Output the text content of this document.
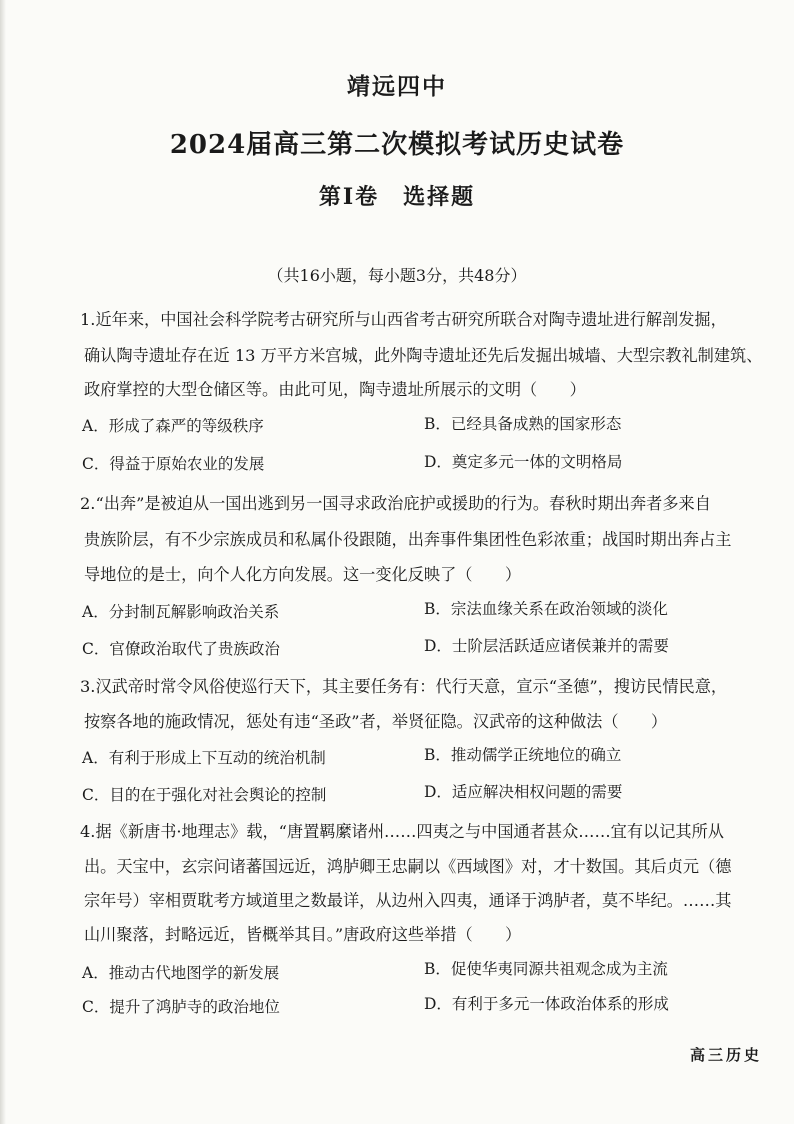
靖远四中
2024届高三第二次模拟考试历史试卷
第Ⅰ卷　选择题
（共16小题，每小题3分，共48分）
1.近年来，中国社会科学院考古研究所与山西省考古研究所联合对陶寺遗址进行解剖发掘，
确认陶寺遗址存在近 13 万平方米宫城，此外陶寺遗址还先后发掘出城墙、大型宗教礼制建筑、
政府掌控的大型仓储区等。由此可见，陶寺遗址所展示的文明（　　）
A．形成了森严的等级秩序	B．已经具备成熟的国家形态
C．得益于原始农业的发展	D．奠定多元一体的文明格局
2.“出奔”是被迫从一国出逃到另一国寻求政治庇护或援助的行为。春秋时期出奔者多来自
贵族阶层，有不少宗族成员和私属仆役跟随，出奔事件集团性色彩浓重；战国时期出奔占主
导地位的是士，向个人化方向发展。这一变化反映了（　　）
A．分封制瓦解影响政治关系	B．宗法血缘关系在政治领域的淡化
C．官僚政治取代了贵族政治	D．士阶层活跃适应诸侯兼并的需要
3.汉武帝时常令风俗使巡行天下，其主要任务有：代行天意，宣示“圣德”，搜访民情民意，
按察各地的施政情况，惩处有违“圣政”者，举贤征隐。汉武帝的这种做法（　　）
A．有利于形成上下互动的统治机制	B．推动儒学正统地位的确立
C．目的在于强化对社会舆论的控制	D．适应解决相权问题的需要
4.据《新唐书·地理志》载，“唐置羁縻诸州……四夷之与中国通者甚众……宜有以记其所从
出。天宝中，玄宗问诸蕃国远近，鸿胪卿王忠嗣以《西域图》对，才十数国。其后贞元（德
宗年号）宰相贾耽考方域道里之数最详，从边州入四夷，通译于鸿胪者，莫不毕纪。……其
山川聚落，封略远近，皆概举其目。”唐政府这些举措（　　）
A．推动古代地图学的新发展	B．促使华夷同源共祖观念成为主流
C．提升了鸿胪寺的政治地位	D．有利于多元一体政治体系的形成
高三历史
